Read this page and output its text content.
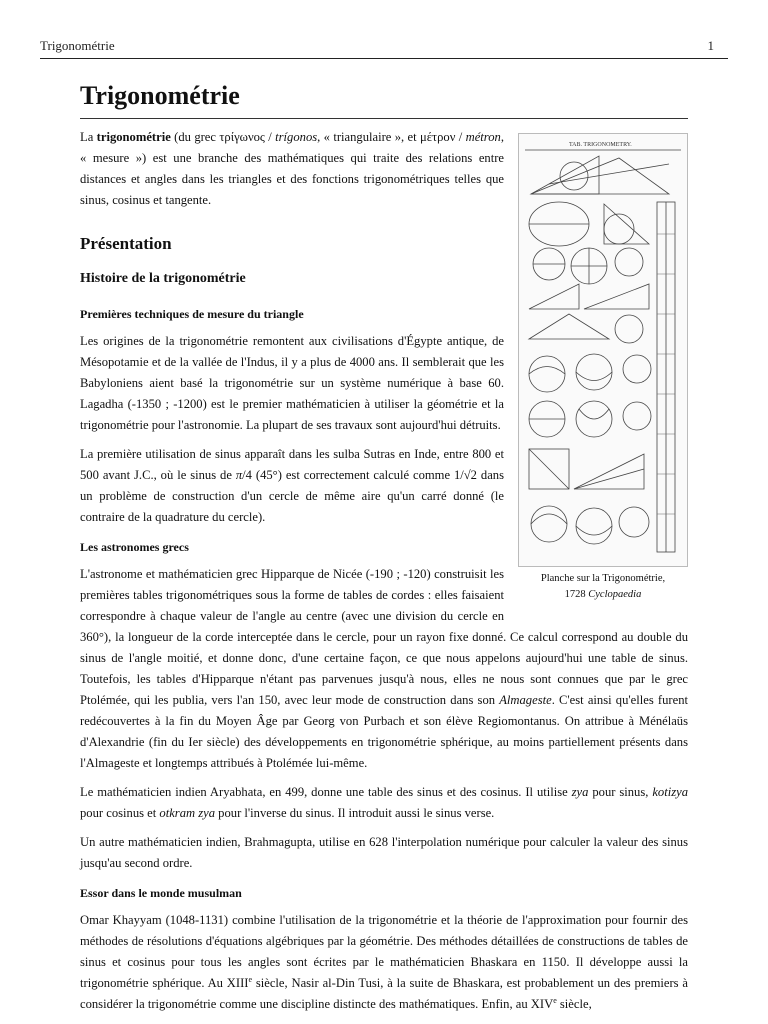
Trigonométrie	1
Trigonométrie
TAB. TRIGONOMETRY.
Planche sur la Trigonométrie,
1728 Cyclopaedia

La trigonométrie (du grec τρίγωνος / trígonos, « triangulaire », et μέτρον / métron, « mesure ») est une branche des mathématiques qui traite des relations entre distances et angles dans les triangles et des fonctions trigonométriques telles que sinus, cosinus et tangente.

Présentation
Histoire de la trigonométrie
Premières techniques de mesure du triangle

Les origines de la trigonométrie remontent aux civilisations d'Égypte antique, de Mésopotamie et de la vallée de l'Indus, il y a plus de 4000 ans. Il semblerait que les Babyloniens aient basé la trigonométrie sur un système numérique à base 60. Lagadha (-1350 ; -1200) est le premier mathématicien à utiliser la géométrie et la trigonométrie pour l'astronomie. La plupart de ses travaux sont aujourd'hui détruits.

La première utilisation de sinus apparaît dans les sulba Sutras en Inde, entre 800 et 500 avant J.C., où le sinus de π/4 (45°) est correctement calculé comme 1/√2 dans un problème de construction d'un cercle de même aire qu'un carré donné (le contraire de la quadrature du cercle).

Les astronomes grecs

L'astronome et mathématicien grec Hipparque de Nicée (-190 ; -120) construisit les premières tables trigonométriques sous la forme de tables de cordes : elles faisaient correspondre à chaque valeur de l'angle au centre (avec une division du cercle en 360°), la longueur de la corde interceptée dans le cercle, pour un rayon fixe donné. Ce calcul correspond au double du sinus de l'angle moitié, et donne donc, d'une certaine façon, ce que nous appelons aujourd'hui une table de sinus. Toutefois, les tables d'Hipparque n'étant pas parvenues jusqu'à nous, elles ne nous sont connues que par le grec Ptolémée, qui les publia, vers l'an 150, avec leur mode de construction dans son Almageste. C'est ainsi qu'elles furent redécouvertes à la fin du Moyen Âge par Georg von Purbach et son élève Regiomontanus. On attribue à Ménélaüs d'Alexandrie (fin du Ier siècle) des développements en trigonométrie sphérique, au moins partiellement présents dans l'Almageste et longtemps attribués à Ptolémée lui-même.

Le mathématicien indien Aryabhata, en 499, donne une table des sinus et des cosinus. Il utilise zya pour sinus, kotizya pour cosinus et otkram zya pour l'inverse du sinus. Il introduit aussi le sinus verse.

Un autre mathématicien indien, Brahmagupta, utilise en 628 l'interpolation numérique pour calculer la valeur des sinus jusqu'au second ordre.

Essor dans le monde musulman

Omar Khayyam (1048-1131) combine l'utilisation de la trigonométrie et la théorie de l'approximation pour fournir des méthodes de résolutions d'équations algébriques par la géométrie. Des méthodes détaillées de constructions de tables de sinus et cosinus pour tous les angles sont écrites par le mathématicien Bhaskara en 1150. Il développe aussi la trigonométrie sphérique. Au XIIIe siècle, Nasir al-Din Tusi, à la suite de Bhaskara, est probablement un des premiers à considérer la trigonométrie comme une discipline distincte des mathématiques. Enfin, au XIVe siècle,
